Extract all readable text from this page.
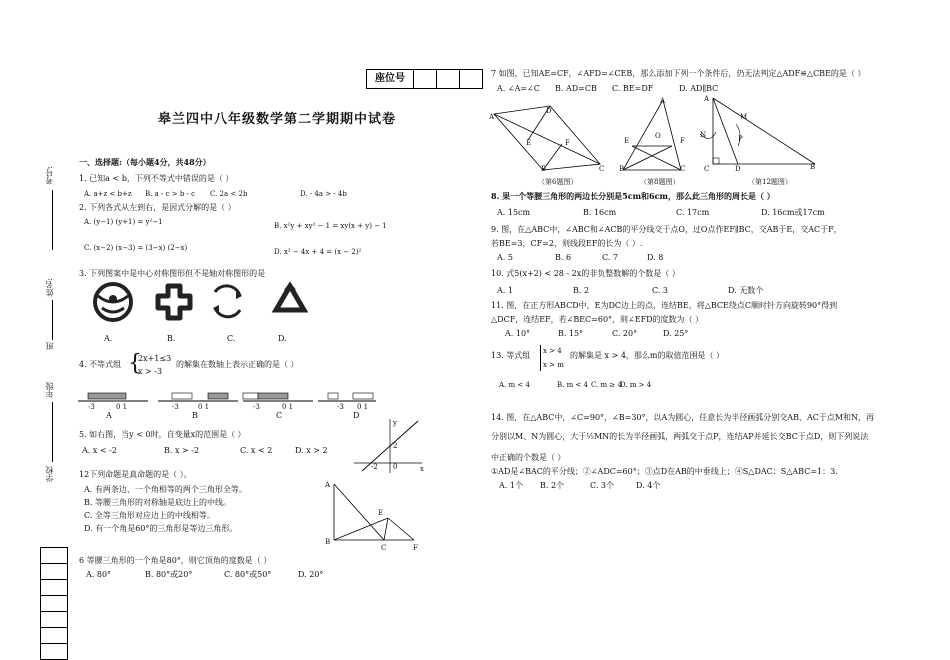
考号:
姓名:
班
年级
学校
座位号
皋兰四中八年级数学第二学期期中试卷
一、选择题:（每小题4分，共48分）
1. 已知a < b，下列不等式中错误的是（ ）
A. a+z < b+z B. a - c > b - c C. 2a < 2b	D. - 4a > - 4b
2. 下列各式从左到右，是因式分解的是（ ）
A. (y−1) (y+1) = y²−1	B. x²y + xy² − 1 = xy(x + y) − 1
C. (x−2) (x−3) = (3−x) (2−x)	D. x² − 4x + 4 = (x − 2)²
3. 下列图案中是中心对称图形但不是轴对称图形的是
A.	B.	C.	D.
4. 不等式组 {
2x+1≤3
x > -3
的解集在数轴上表示正确的是（ ）
-3	0 1	-3	0 1	-3	0 1	-3 0 1
A	B	C	D
5. 如右图，当y < 0时，自变量x的范围是（ ）
A. x < -2	B. x > -2	C. x < 2	D. x > 2
y
x
2
-2 0
12下列命题是真命题的是（ ）。
A. 有两条边、一个角相等的两个三角形全等。
B. 等腰三角形的对称轴是底边上的中线。
C. 全等三角形对应边上的中线相等。
D. 有一个角是60°的三角形是等边三角形。
A
B
C
E
F
6 等腰三角形的一个角是80°，则它顶角的度数是（ ）
A. 80°	B. 80°或20°	C. 80°或50°	D. 20°
7 如图，已知AE=CF，∠AFD=∠CEB，那么添加下列一个条件后，仍无法判定△ADF≌△CBE的是（ ）
A. ∠A=∠C B. AD=CB C. BE=DF	D. AD∥BC
A
D
E	F
B	C
A
E
O
F
B	C
A
M
N	P
C	D	B
（第6题图）	（第8题图）	（第12题图）
8. 果一个等腰三角形的两边长分别是5cm和6cm，那么此三角形的周长是（ ）
A. 15cm	B. 16cm	C. 17cm	D. 16cm或17cm
9. 图，在△ABC中，∠ABC和∠ACB的平分线交于点O，过O点作EF∥BC，交AB于E，交AC于F，
若BE=3，CF=2，则线段EF的长为（ ）.
A. 5	B. 6	C. 7	D. 8
10. 式5(x+2) < 28 - 2x的非负整数解的个数是（ ）
A. 1	B. 2	C. 3	D. 无数个
11. 图，在正方形ABCD中，E为DC边上的点，连结BE，将△BCE绕点C顺时针方向旋转90°得到
△DCF，连结EF，若∠BEC=60°，则∠EFD的度数为（ ）
A. 10°	B. 15°	C. 20°	D. 25°
13. 等式组 x > 4
x > m
的解集是 x > 4，那么m的取值范围是（ ）
A. m < 4	B. m < 4 C. m ≥ 4
D. m > 4
14. 图，在△ABC中，∠C=90°，∠B=30°，以A为圆心，任意长为半径画弧分别交AB、AC于点M和N，再
分别以M、N为圆心，大于½MN的长为半径画弧，两弧交于点P，连结AP并延长交BC于点D，则下列说法
中正确的个数是（ ）
①AD是∠BAC的平分线；②∠ADC=60°；③点D在AB的中垂线上；④S△DAC：S△ABC=1：3.
A. 1个 B. 2个	C. 3个	D. 4个
